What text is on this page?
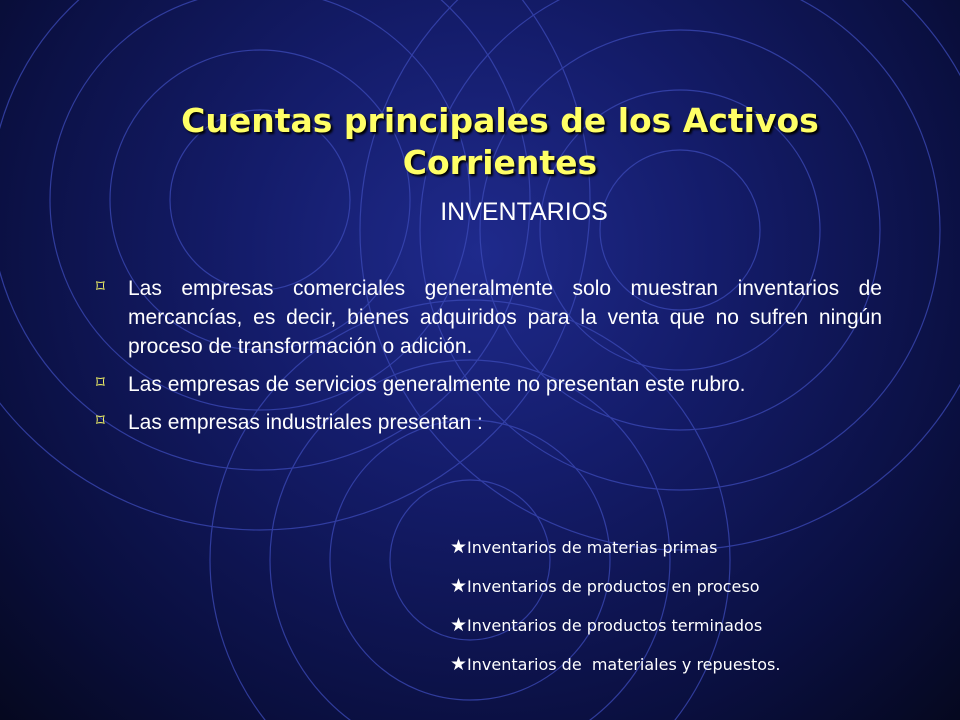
Cuentas principales de los Activos Corrientes
INVENTARIOS
⌑ Las empresas comerciales generalmente solo muestran inventarios de mercancías, es decir, bienes adquiridos para la venta que no sufren ningún proceso de transformación o adición.
⌑ Las empresas de servicios generalmente no presentan este rubro.
⌑ Las empresas industriales presentan :
★Inventarios de materias primas
★Inventarios de productos en proceso
★Inventarios de productos terminados
★Inventarios de  materiales y repuestos.
